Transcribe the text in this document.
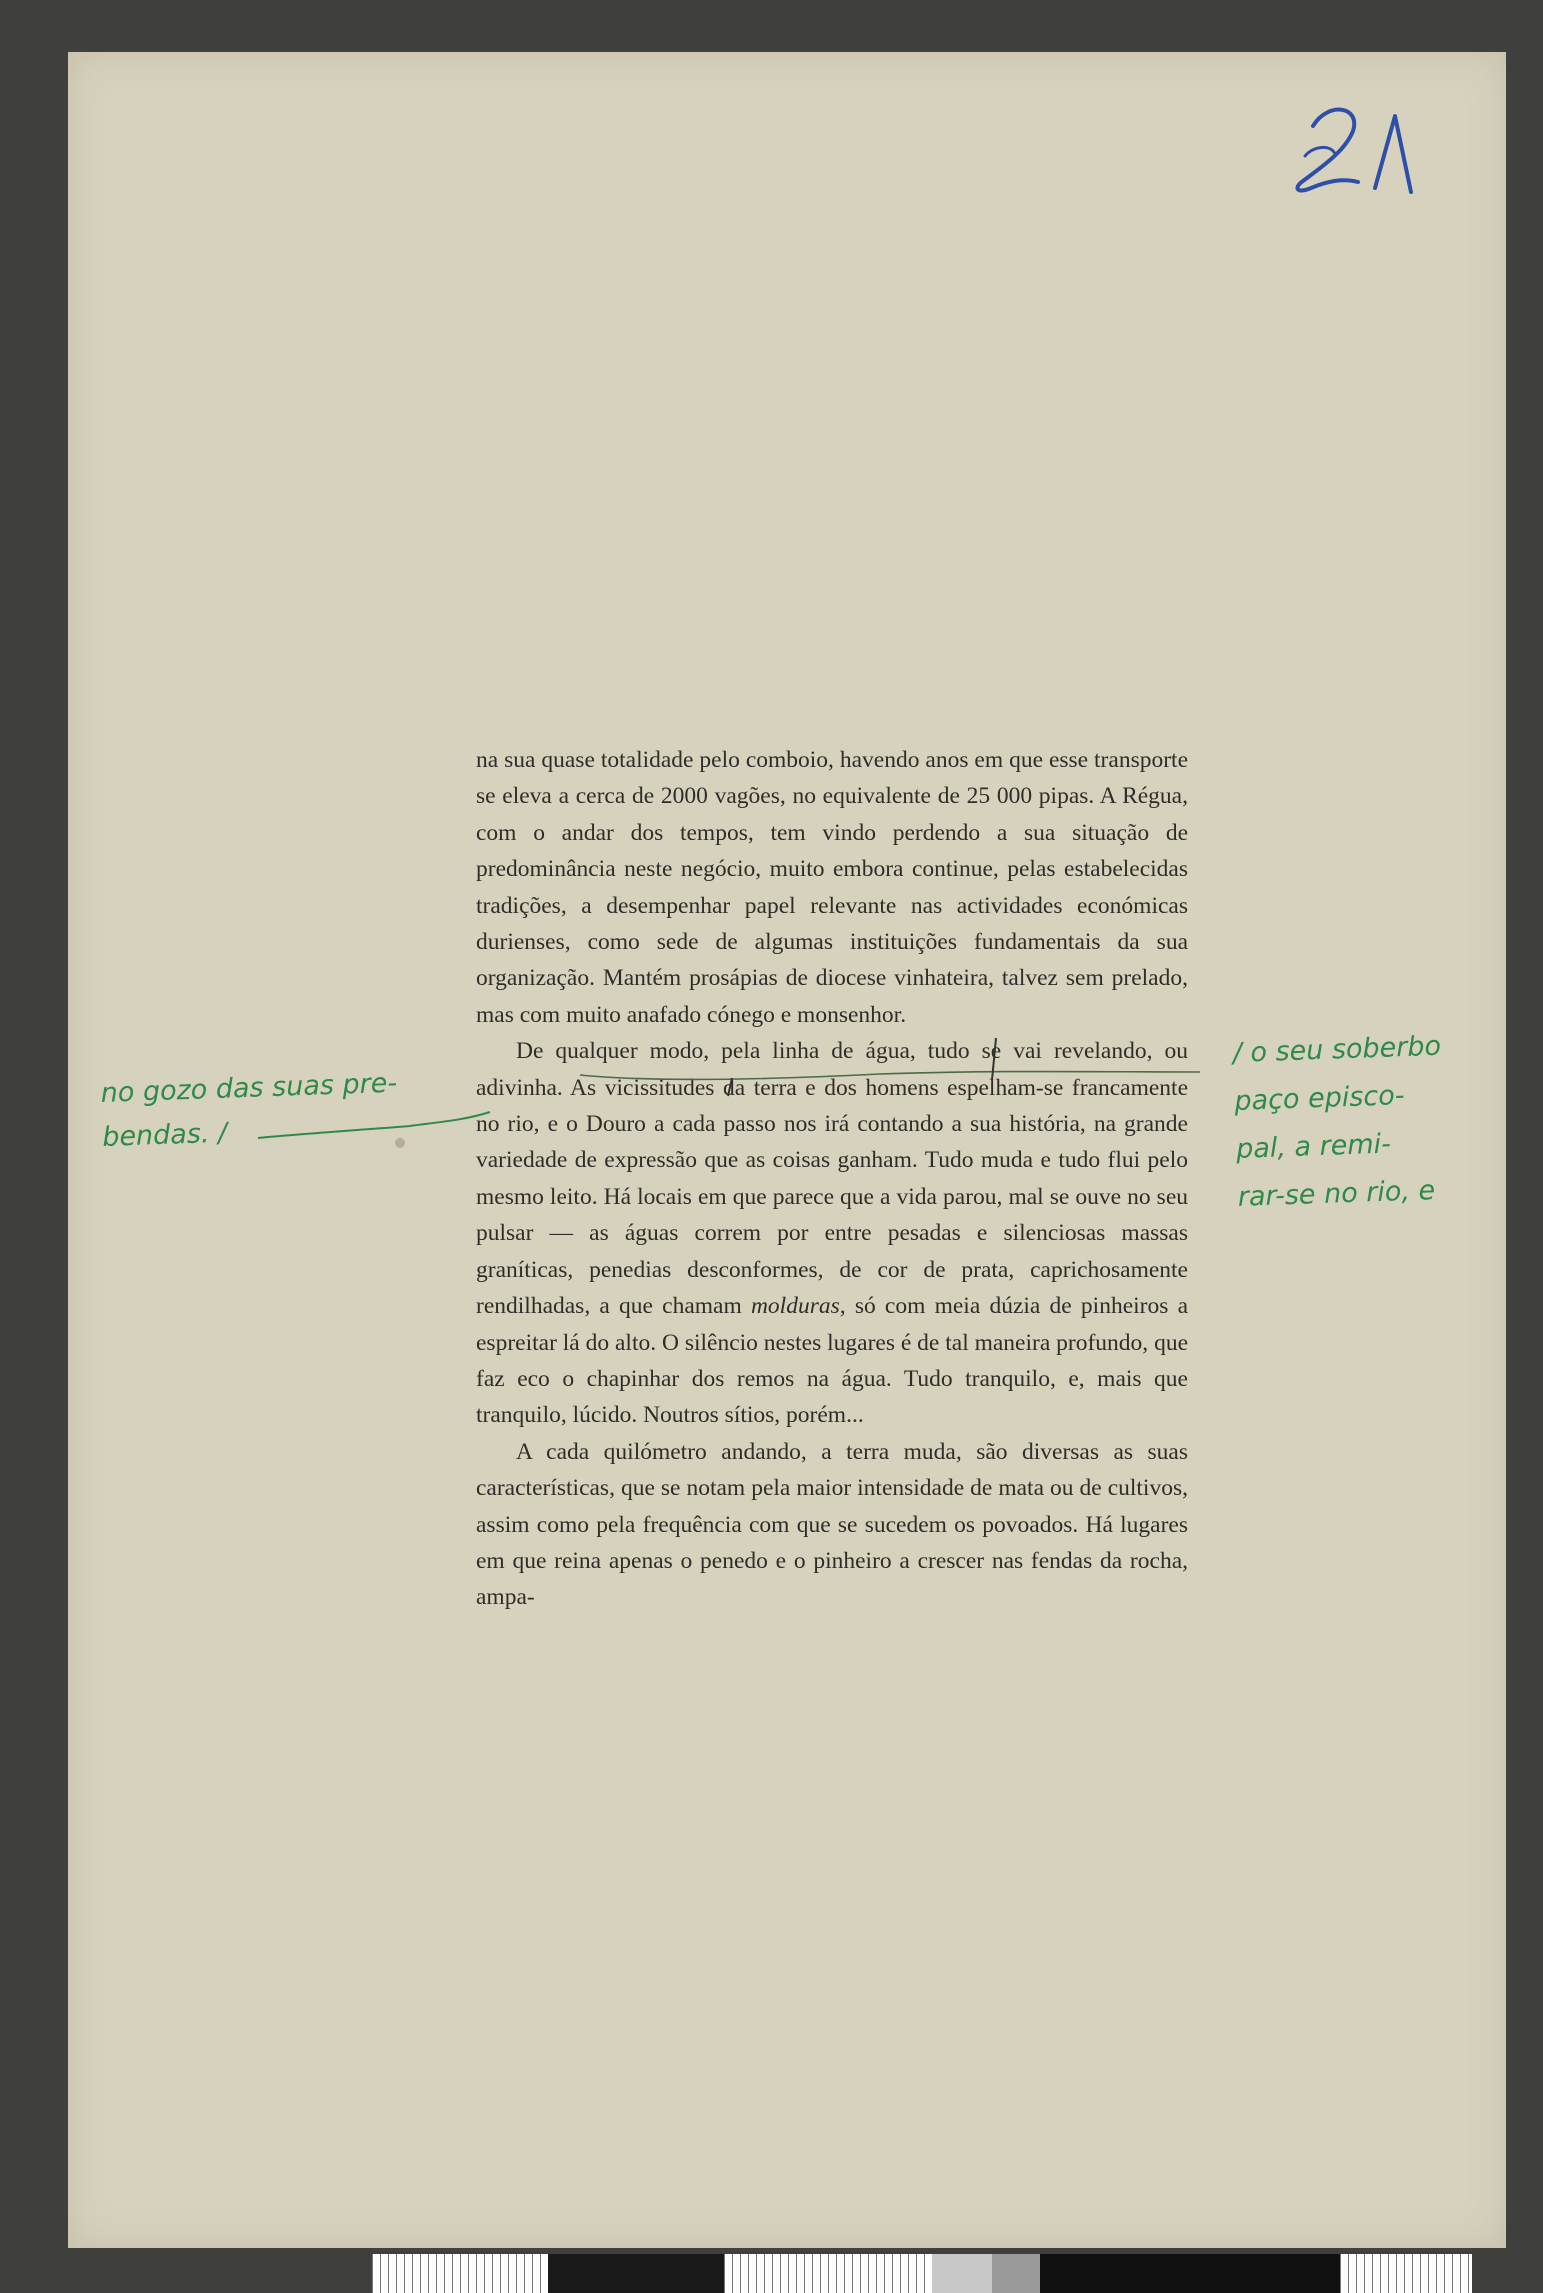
na sua quase totalidade pelo comboio, havendo anos em que esse transporte se eleva a cerca de 2000 vagões, no equivalente de 25 000 pipas. A Régua, com o andar dos tempos, tem vindo perdendo a sua situação de predominância neste negócio, muito embora continue, pelas estabelecidas tradições, a desempenhar papel relevante nas actividades económicas durienses, como sede de algumas instituições fundamentais da sua organização. Mantém prosápias de diocese vinhateira, talvez sem prelado, mas com muito anafado cónego e monsenhor.

De qualquer modo, pela linha de água, tudo se vai revelando, ou adivinha. As vicissitudes da terra e dos homens espelham-se francamente no rio, e o Douro a cada passo nos irá contando a sua história, na grande variedade de expressão que as coisas ganham. Tudo muda e tudo flui pelo mesmo leito. Há locais em que parece que a vida parou, mal se ouve no seu pulsar — as águas correm por entre pesadas e silenciosas massas graníticas, penedias desconformes, de cor de prata, caprichosamente rendilhadas, a que chamam molduras, só com meia dúzia de pinheiros a espreitar lá do alto. O silêncio nestes lugares é de tal maneira profundo, que faz eco o chapinhar dos remos na água. Tudo tranquilo, e, mais que tranquilo, lúcido. Noutros sítios, porém...

A cada quilómetro andando, a terra muda, são diversas as suas características, que se notam pela maior intensidade de mata ou de cultivos, assim como pela frequência com que se sucedem os povoados. Há lugares em que reina apenas o penedo e o pinheiro a crescer nas fendas da rocha, ampa-

no gozo das suas pre-
bendas. /
/ o seu soberbo
paço episco-
pal, a remi-
rar-se no rio, e
